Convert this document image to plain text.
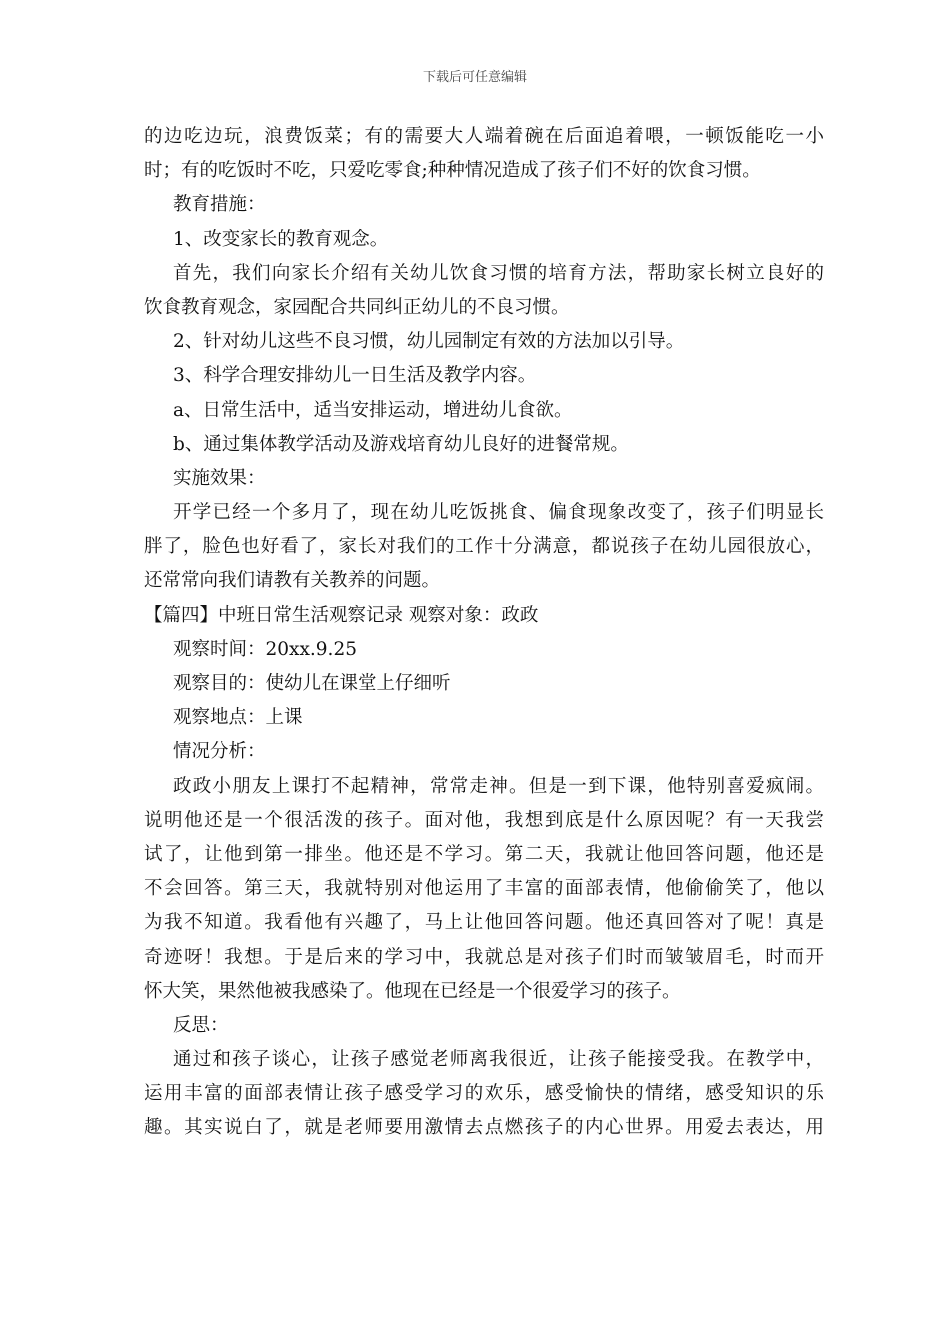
下载后可任意编辑
的边吃边玩，浪费饭菜；有的需要大人端着碗在后面追着喂，一顿饭能吃一小
时；有的吃饭时不吃，只爱吃零食;种种情况造成了孩子们不好的饮食习惯。
教育措施：
1、改变家长的教育观念。
首先，我们向家长介绍有关幼儿饮食习惯的培育方法，帮助家长树立良好的
饮食教育观念，家园配合共同纠正幼儿的不良习惯。
2、针对幼儿这些不良习惯，幼儿园制定有效的方法加以引导。
3、科学合理安排幼儿一日生活及教学内容。
a、日常生活中，适当安排运动，增进幼儿食欲。
b、通过集体教学活动及游戏培育幼儿良好的进餐常规。
实施效果：
开学已经一个多月了，现在幼儿吃饭挑食、偏食现象改变了，孩子们明显长
胖了，脸色也好看了，家长对我们的工作十分满意，都说孩子在幼儿园很放心，
还常常向我们请教有关教养的问题。
【篇四】中班日常生活观察记录 观察对象：政政
观察时间：20xx.9.25
观察目的：使幼儿在课堂上仔细听
观察地点：上课
情况分析：
政政小朋友上课打不起精神，常常走神。但是一到下课，他特别喜爱疯闹。
说明他还是一个很活泼的孩子。面对他，我想到底是什么原因呢？有一天我尝
试了，让他到第一排坐。他还是不学习。第二天，我就让他回答问题，他还是
不会回答。第三天，我就特别对他运用了丰富的面部表情，他偷偷笑了，他以
为我不知道。我看他有兴趣了，马上让他回答问题。他还真回答对了呢！真是
奇迹呀！我想。于是后来的学习中，我就总是对孩子们时而皱皱眉毛，时而开
怀大笑，果然他被我感染了。他现在已经是一个很爱学习的孩子。
反思：
通过和孩子谈心，让孩子感觉老师离我很近，让孩子能接受我。在教学中，
运用丰富的面部表情让孩子感受学习的欢乐，感受愉快的情绪，感受知识的乐
趣。其实说白了，就是老师要用激情去点燃孩子的内心世界。用爱去表达，用
